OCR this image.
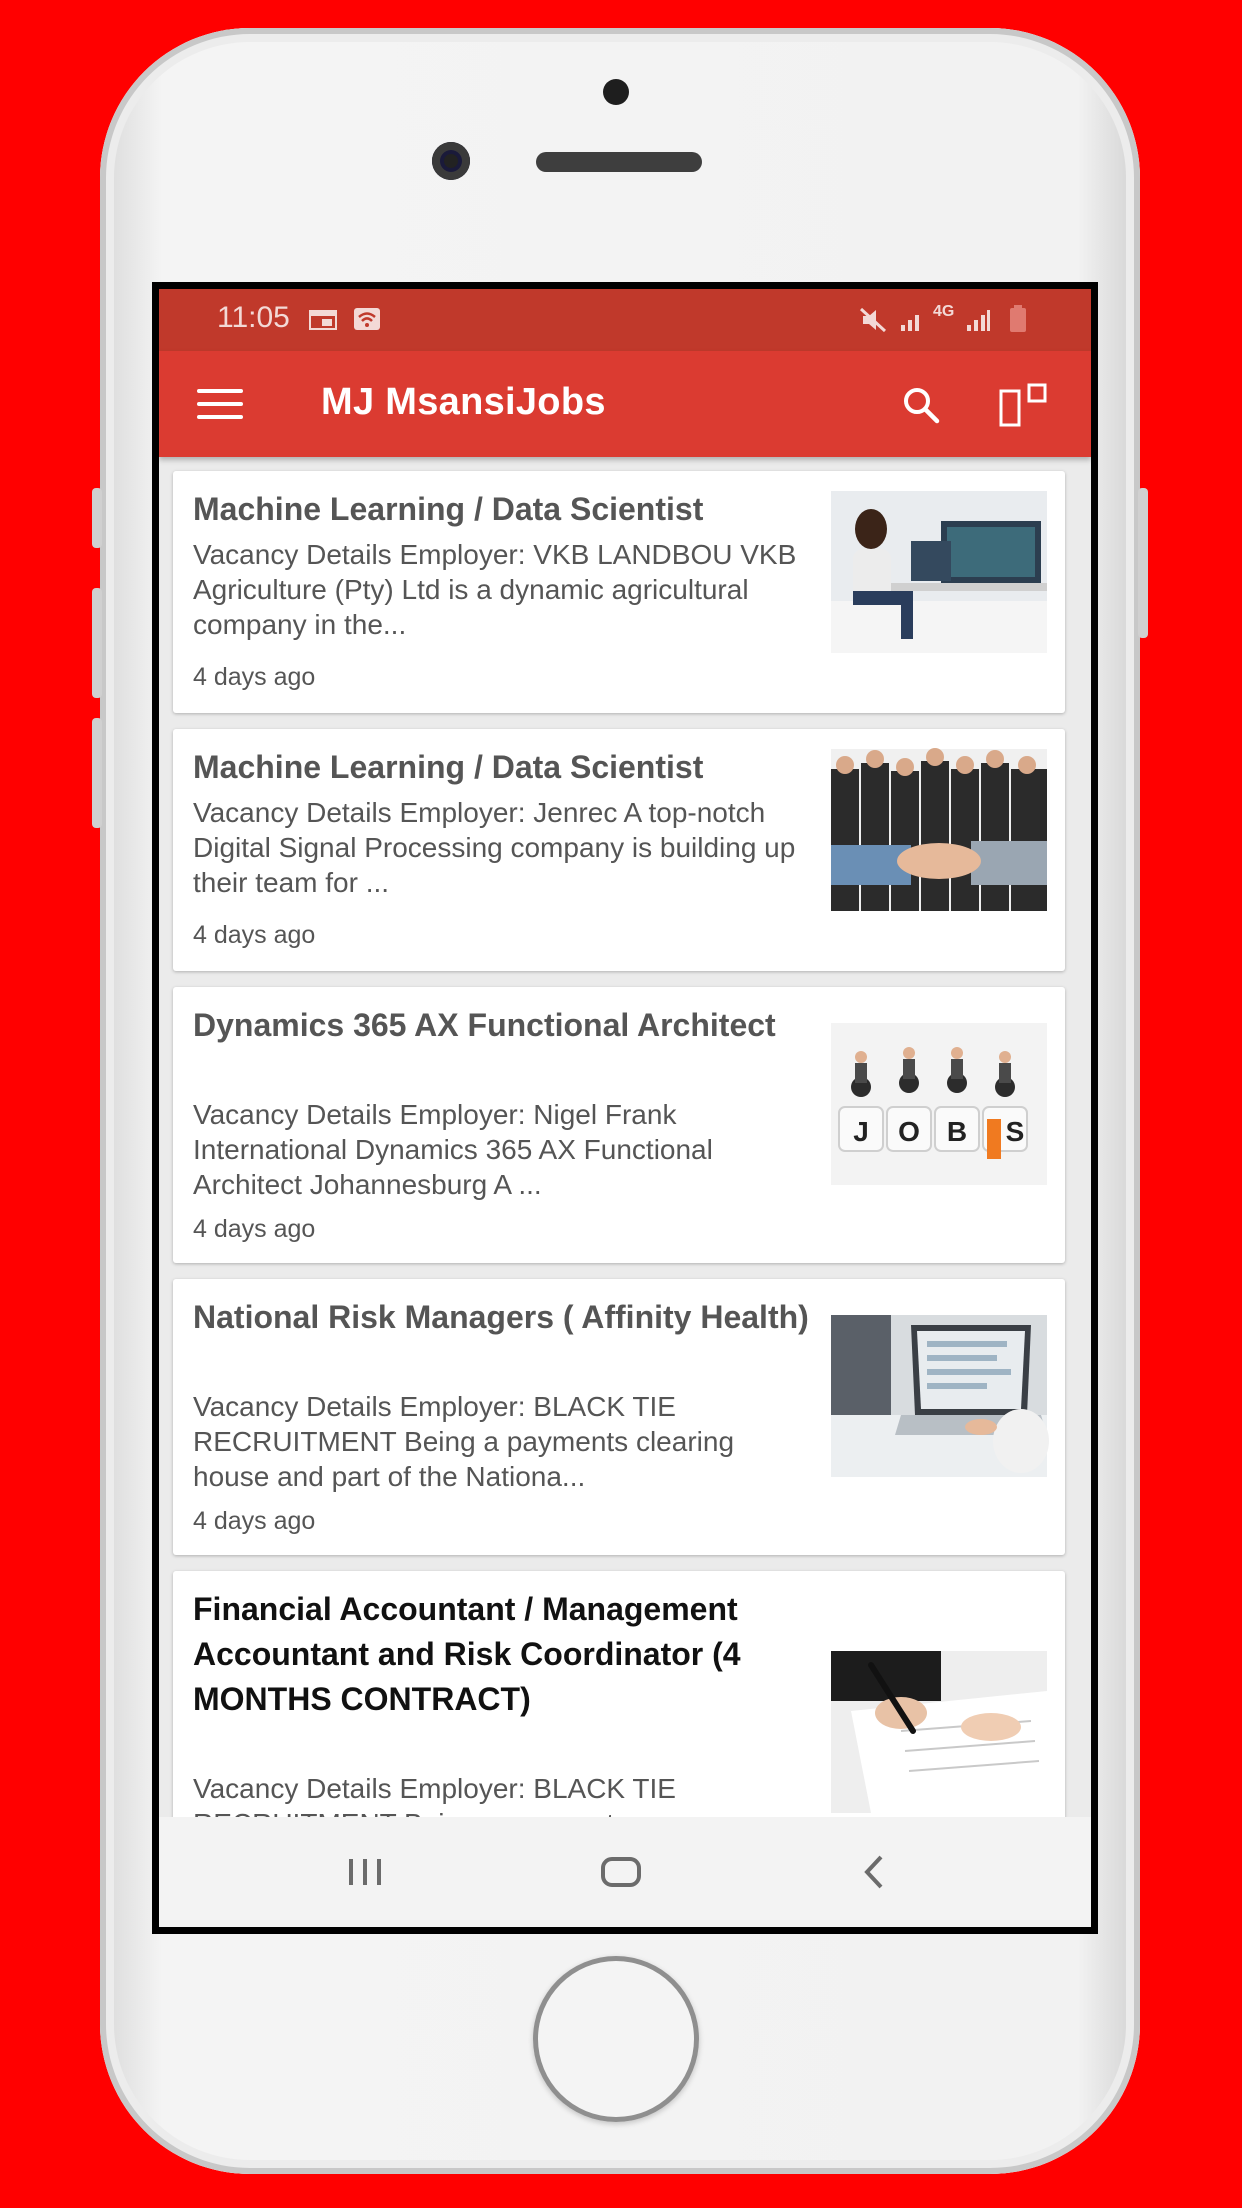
11:05	4G
MJ MsansiJobs
Machine Learning / Data Scientist
Vacancy Details Employer: VKB LANDBOU VKB Agriculture (Pty) Ltd is a dynamic agricultural company in the...
4 days ago
Machine Learning / Data Scientist
Vacancy Details Employer: Jenrec A top-notch Digital Signal Processing company is building up their team for ...
4 days ago
Dynamics 365 AX Functional Architect
Vacancy Details Employer: Nigel Frank International Dynamics 365 AX Functional Architect Johannesburg A ...
4 days ago
J O B S
National Risk Managers ( Affinity Health)
Vacancy Details Employer: BLACK TIE RECRUITMENT Being a payments clearing house and part of the Nationa...
4 days ago
Financial Accountant / Management Accountant and Risk Coordinator (4 MONTHS CONTRACT)
Vacancy Details Employer: BLACK TIE
